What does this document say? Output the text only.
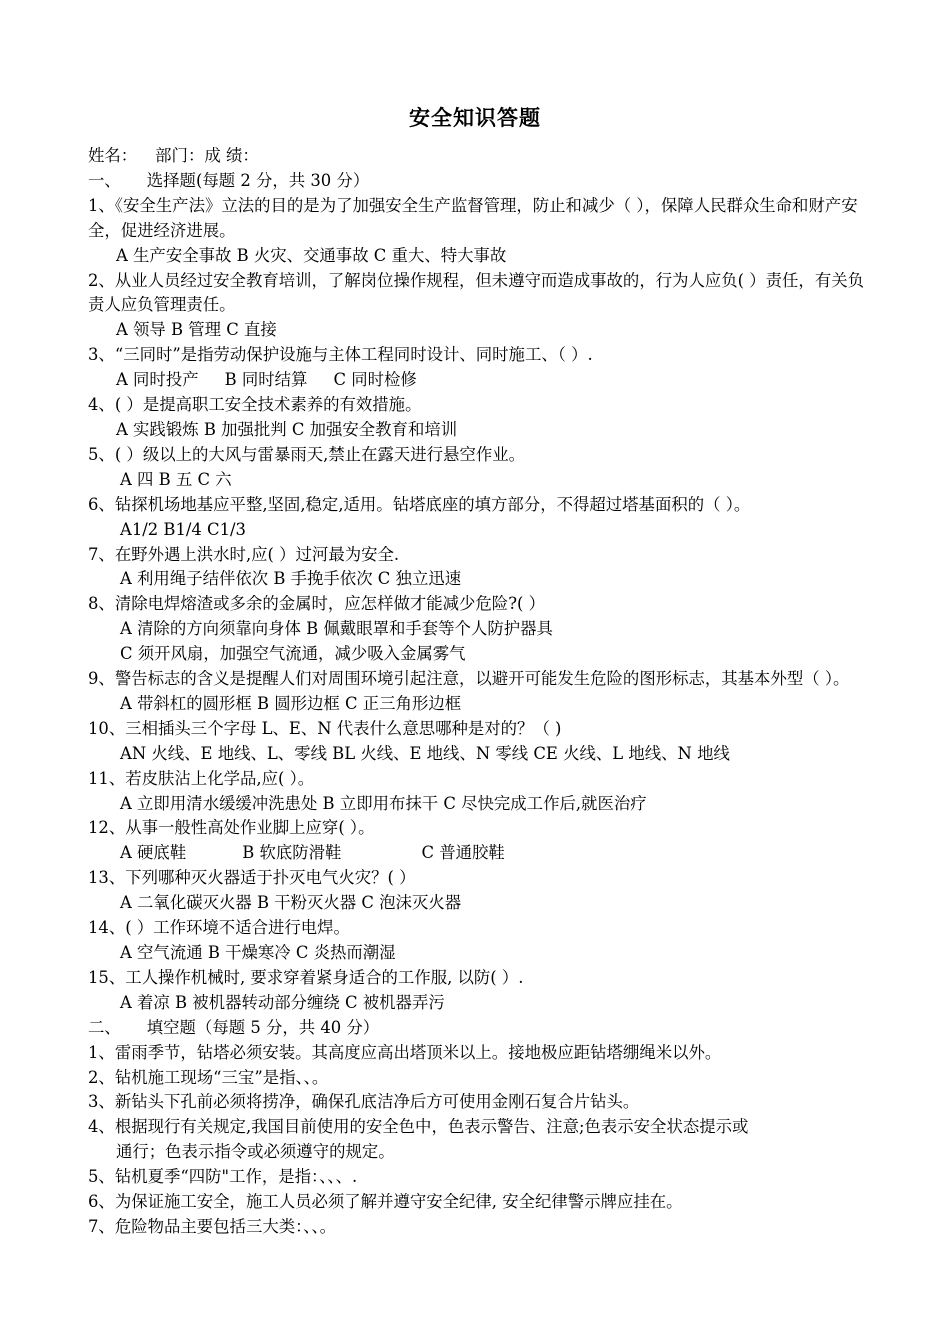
安全知识答题
姓名： 部门：成 绩：
一、 选择题(每题 2 分，共 30 分）
1、《安全生产法》立法的目的是为了加强安全生产监督管理，防止和减少（ ），保障人民群众生命和财产安全，促进经济进展。
A 生产安全事故 B 火灾、交通事故 C 重大、特大事故
2、从业人员经过安全教育培训，了解岗位操作规程，但未遵守而造成事故的，行为人应负( ）责任，有关负责人应负管理责任。
A 领导 B 管理 C 直接
3、“三同时”是指劳动保护设施与主体工程同时设计、同时施工、（ ）.
A 同时投产 B 同时结算 C 同时检修
4、( ）是提高职工安全技术素养的有效措施。
A 实践锻炼 B 加强批判 C 加强安全教育和培训
5、( ）级以上的大风与雷暴雨天,禁止在露天进行悬空作业。
A 四 B 五 C 六
6、钻探机场地基应平整,坚固,稳定,适用。钻塔底座的填方部分，不得超过塔基面积的（ ）。
A1/2 B1/4 C1/3
7、在野外遇上洪水时,应( ）过河最为安全.
A 利用绳子结伴依次 B 手挽手依次 C 独立迅速
8、清除电焊熔渣或多余的金属时，应怎样做才能减少危险?( ）
A 清除的方向须靠向身体 B 佩戴眼罩和手套等个人防护器具
C 须开风扇，加强空气流通，减少吸入金属雾气
9、警告标志的含义是提醒人们对周围环境引起注意，以避开可能发生危险的图形标志，其基本外型（ ）。
A 带斜杠的圆形框 B 圆形边框 C 正三角形边框
10、三相插头三个字母 L、E、N 代表什么意思哪种是对的？（ )
AN 火线、E 地线、L、零线 BL 火线、E 地线、N 零线 CE 火线、L 地线、N 地线
11、若皮肤沾上化学品,应( ）。
A 立即用清水缓缓冲洗患处 B 立即用布抹干 C 尽快完成工作后,就医治疗
12、从事一般性高处作业脚上应穿( ）。
A 硬底鞋	B 软底防滑鞋	C 普通胶鞋
13、下列哪种灭火器适于扑灭电气火灾？( ）
A 二氧化碳灭火器 B 干粉灭火器 C 泡沫灭火器
14、( ）工作环境不适合进行电焊。
A 空气流通 B 干燥寒冷 C 炎热而潮湿
15、工人操作机械时, 要求穿着紧身适合的工作服, 以防( ）.
A 着凉 B 被机器转动部分缠绕 C 被机器弄污
二、 填空题（每题 5 分，共 40 分）
1、雷雨季节，钻塔必须安装。其高度应高出塔顶米以上。接地极应距钻塔绷绳米以外。
2、钻机施工现场“三宝”是指、、。
3、新钻头下孔前必须将捞净，确保孔底洁净后方可使用金刚石复合片钻头。
4、根据现行有关规定,我国目前使用的安全色中，色表示警告、注意;色表示安全状态提示或
通行；色表示指令或必须遵守的规定。
5、钻机夏季“四防"工作，是指：、、、.
6、为保证施工安全，施工人员必须了解并遵守安全纪律, 安全纪律警示牌应挂在。
7、危险物品主要包括三大类：、、。
